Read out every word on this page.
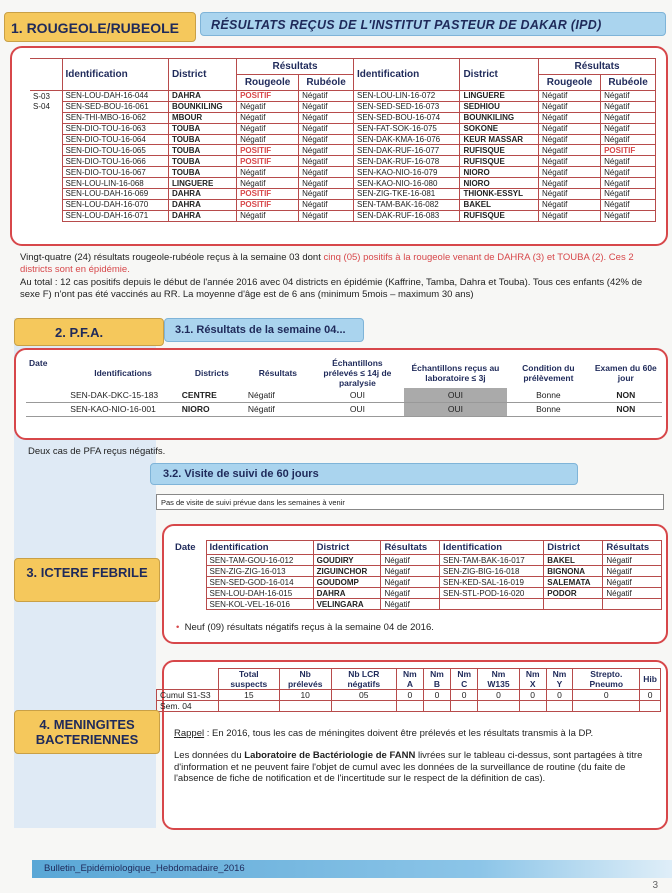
1. ROUGEOLE/RUBEOLE	RÉSULTATS REÇUS DE L'INSTITUT PASTEUR DE DAKAR (IPD)
	Identification	District	Résultats		Identification	District	Résultats	
			Rougeole	Rubéole			Rougeole	Rubéole
S-03	SEN-LOU-DAH-16-044	DAHRA	POSITIF	Négatif	SEN-LOU-LIN-16-072	LINGUERE	Négatif	Négatif
S-04	SEN-SED-BOU-16-061	BOUNKILING	Négatif	Négatif	SEN-SED-SED-16-073	SEDHIOU	Négatif	Négatif
	SEN-THI-MBO-16-062	MBOUR	Négatif	Négatif	SEN-SED-BOU-16-074	BOUNKILING	Négatif	Négatif
	SEN-DIO-TOU-16-063	TOUBA	Négatif	Négatif	SEN-FAT-SOK-16-075	SOKONE	Négatif	Négatif
	SEN-DIO-TOU-16-064	TOUBA	Négatif	Négatif	SEN-DAK-KMA-16-076	KEUR MASSAR	Négatif	Négatif
	SEN-DIO-TOU-16-065	TOUBA	POSITIF	Négatif	SEN-DAK-RUF-16-077	RUFISQUE	Négatif	POSITIF
	SEN-DIO-TOU-16-066	TOUBA	POSITIF	Négatif	SEN-DAK-RUF-16-078	RUFISQUE	Négatif	Négatif
	SEN-DIO-TOU-16-067	TOUBA	Négatif	Négatif	SEN-KAO-NIO-16-079	NIORO	Négatif	Négatif
	SEN-LOU-LIN-16-068	LINGUERE	Négatif	Négatif	SEN-KAO-NIO-16-080	NIORO	Négatif	Négatif
	SEN-LOU-DAH-16-069	DAHRA	POSITIF	Négatif	SEN-ZIG-TKE-16-081	THIONK-ESSYL	Négatif	Négatif
	SEN-LOU-DAH-16-070	DAHRA	POSITIF	Négatif	SEN-TAM-BAK-16-082	BAKEL	Négatif	Négatif
	SEN-LOU-DAH-16-071	DAHRA	Négatif	Négatif	SEN-DAK-RUF-16-083	RUFISQUE	Négatif	Négatif
Vingt-quatre (24) résultats rougeole-rubéole reçus à la semaine 03 dont cinq (05) positifs à la rougeole venant de DAHRA (3) et TOUBA (2). Ces 2 districts sont en épidémie.
Au total : 12 cas positifs depuis le début de l'année 2016 avec 04 districts en épidémie (Kaffrine, Tamba, Dahra et Touba). Tous ces enfants (42% de sexe F) n'ont pas été vaccinés au RR. La moyenne d'âge est de 6 ans (minimum 5mois – maximum 30 ans)
2. P.F.A.	3.1. Résultats de la semaine 04...
Date	Identifications	Districts	Résultats	Échantillons prélevés ≤ 14j de paralysie	Échantillons reçus au laboratoire ≤ 3j	Condition du prélèvement	Examen du 60e jour
	SEN-DAK-DKC-15-183	CENTRE	Négatif	OUI	OUI	Bonne	NON
	SEN-KAO-NIO-16-001	NIORO	Négatif	OUI	OUI	Bonne	NON
Deux cas de PFA reçus négatifs.
3.2. Visite de suivi de 60 jours
Pas de visite de suivi prévue dans les semaines à venir
Date	Identification	District	Résultats	Identification	District	Résultats
	SEN-TAM-GOU-16-012	GOUDIRY	Négatif	SEN-TAM-BAK-16-017	BAKEL	Négatif
	SEN-ZIG-ZIG-16-013	ZIGUINCHOR	Négatif	SEN-ZIG-BIG-16-018	BIGNONA	Négatif
	SEN-SED-GOD-16-014	GOUDOMP	Négatif	SEN-KED-SAL-16-019	SALEMATA	Négatif
	SEN-LOU-DAH-16-015	DAHRA	Négatif	SEN-STL-POD-16-020	PODOR	Négatif
	SEN-KOL-VEL-16-016	VELINGARA	Négatif			
• Neuf (09) résultats négatifs reçus à la semaine 04 de 2016.
3. ICTERE FEBRILE
	Total suspects	Nb prélevés	Nb LCR négatifs	Nm A	Nm B	Nm C	Nm W135	Nm X	Nm Y	Strepto. Pneumo	Hib
Cumul S1-S3	15	10	05	0	0	0	0	0	0	0	0
Sem. 04											
Rappel : En 2016, tous les cas de méningites doivent être prélevés et les résultats transmis à la DP.
Les données du Laboratoire de Bactériologie de FANN livrées sur le tableau ci-dessus, sont partagées à titre d'information et ne peuvent faire l'objet de cumul avec les données de la surveillance de routine (du faite de l'absence de fiche de notification et de l'incertitude sur le respect de la définition de cas).
4. MENINGITES BACTERIENNES
Bulletin_Epidémiologique_Hebdomadaire_2016
3
